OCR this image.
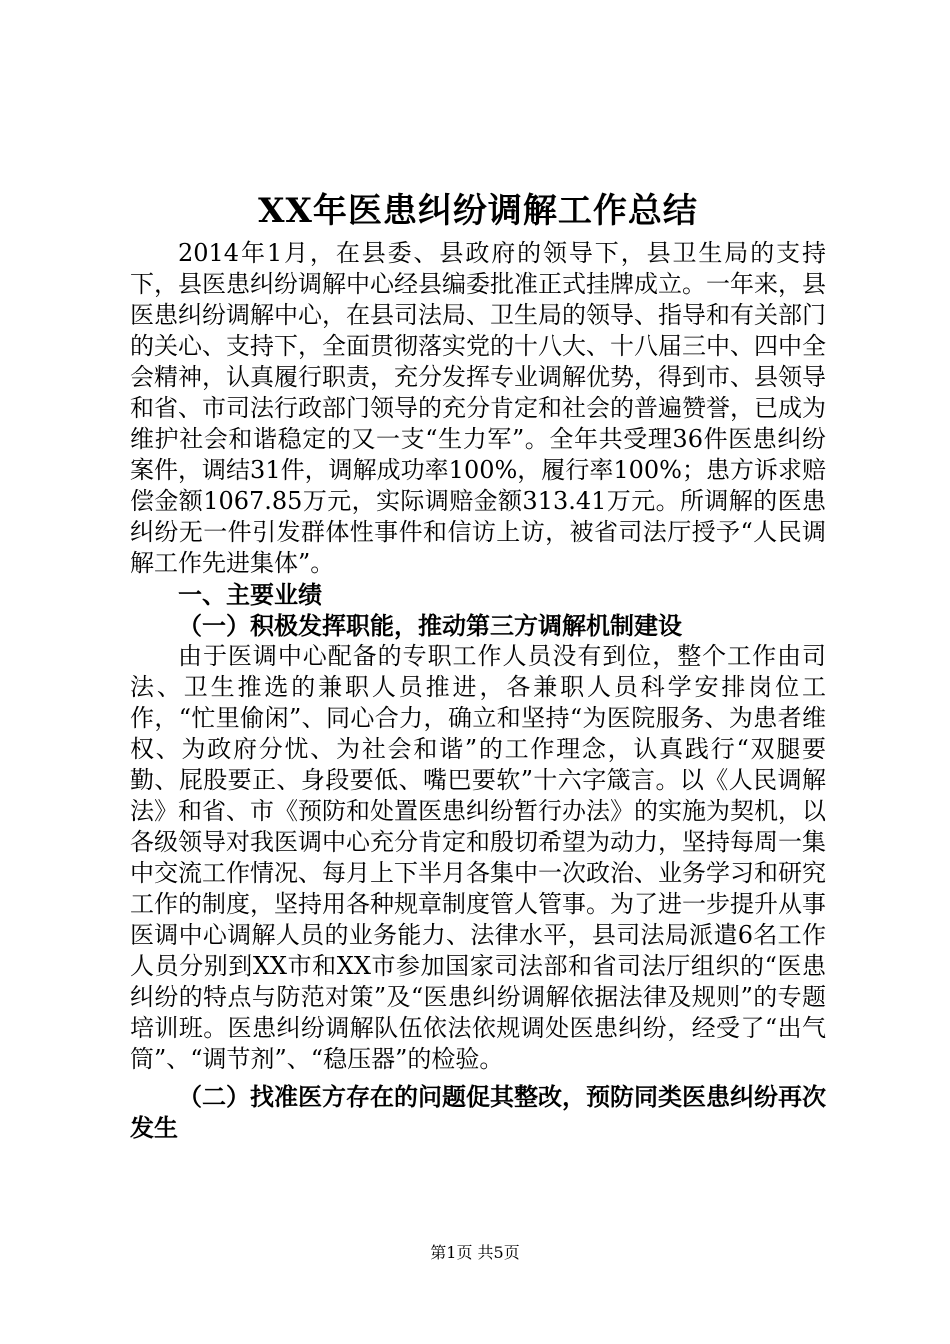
XX年医患纠纷调解工作总结

2014年1月，在县委、县政府的领导下，县卫生局的支持下，县医患纠纷调解中心经县编委批准正式挂牌成立。一年来，县医患纠纷调解中心，在县司法局、卫生局的领导、指导和有关部门的关心、支持下，全面贯彻落实党的十八大、十八届三中、四中全会精神，认真履行职责，充分发挥专业调解优势，得到市、县领导和省、市司法行政部门领导的充分肯定和社会的普遍赞誉，已成为维护社会和谐稳定的又一支“生力军”。全年共受理36件医患纠纷案件，调结31件，调解成功率100%，履行率100%；患方诉求赔偿金额1067.85万元，实际调赔金额313.41万元。所调解的医患纠纷无一件引发群体性事件和信访上访，被省司法厅授予“人民调解工作先进集体”。

一、主要业绩

（一）积极发挥职能，推动第三方调解机制建设

由于医调中心配备的专职工作人员没有到位，整个工作由司法、卫生推选的兼职人员推进，各兼职人员科学安排岗位工作，“忙里偷闲”、同心合力，确立和坚持“为医院服务、为患者维权、为政府分忧、为社会和谐”的工作理念，认真践行“双腿要勤、屁股要正、身段要低、嘴巴要软”十六字箴言。以《人民调解法》和省、市《预防和处置医患纠纷暂行办法》的实施为契机，以各级领导对我医调中心充分肯定和殷切希望为动力，坚持每周一集中交流工作情况、每月上下半月各集中一次政治、业务学习和研究工作的制度，坚持用各种规章制度管人管事。为了进一步提升从事医调中心调解人员的业务能力、法律水平，县司法局派遣6名工作人员分别到XX市和XX市参加国家司法部和省司法厅组织的“医患纠纷的特点与防范对策”及“医患纠纷调解依据法律及规则”的专题培训班。医患纠纷调解队伍依法依规调处医患纠纷，经受了“出气筒”、“调节剂”、“稳压器”的检验。

（二）找准医方存在的问题促其整改，预防同类医患纠纷再次发生

第1页 共5页
